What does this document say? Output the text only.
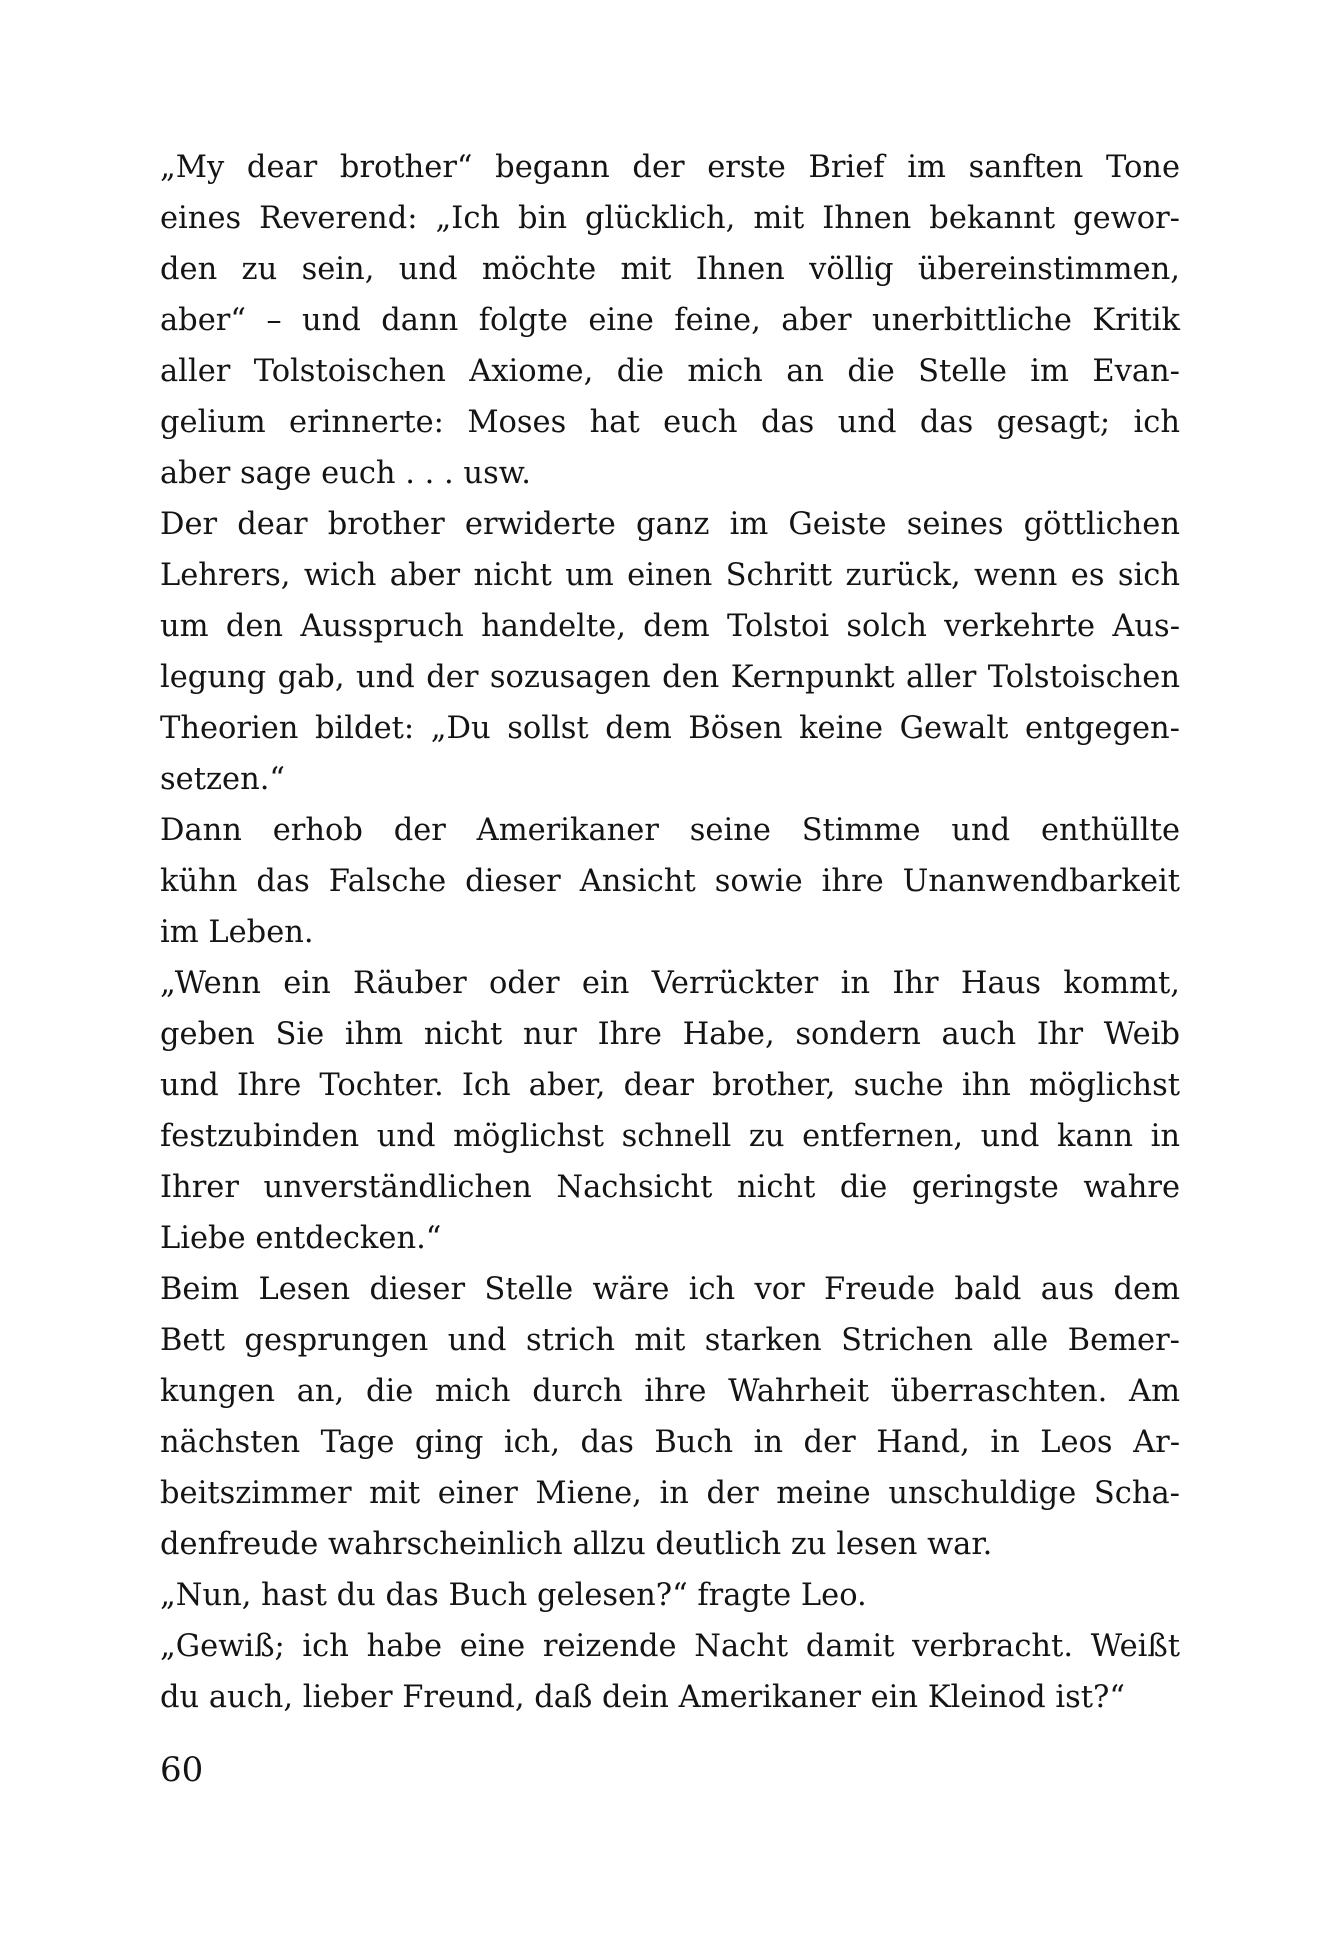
„My dear brother“ begann der erste Brief im sanften Tone
eines Reverend: „Ich bin glücklich, mit Ihnen bekannt gewor-
den zu sein, und möchte mit Ihnen völlig übereinstimmen,
aber“ – und dann folgte eine feine, aber unerbittliche Kritik
aller Tolstoischen Axiome, die mich an die Stelle im Evan-
gelium erinnerte: Moses hat euch das und das gesagt; ich
aber sage euch . . . usw.
Der dear brother erwiderte ganz im Geiste seines göttlichen
Lehrers, wich aber nicht um einen Schritt zurück, wenn es sich
um den Ausspruch handelte, dem Tolstoi solch verkehrte Aus-
legung gab, und der sozusagen den Kernpunkt aller Tolstoischen
Theorien bildet: „Du sollst dem Bösen keine Gewalt entgegen-
setzen.“
Dann erhob der Amerikaner seine Stimme und enthüllte
kühn das Falsche dieser Ansicht sowie ihre Unanwendbarkeit
im Leben.
„Wenn ein Räuber oder ein Verrückter in Ihr Haus kommt,
geben Sie ihm nicht nur Ihre Habe, sondern auch Ihr Weib
und Ihre Tochter. Ich aber, dear brother, suche ihn möglichst
festzubinden und möglichst schnell zu entfernen, und kann in
Ihrer unverständlichen Nachsicht nicht die geringste wahre
Liebe entdecken.“
Beim Lesen dieser Stelle wäre ich vor Freude bald aus dem
Bett gesprungen und strich mit starken Strichen alle Bemer-
kungen an, die mich durch ihre Wahrheit überraschten. Am
nächsten Tage ging ich, das Buch in der Hand, in Leos Ar-
beitszimmer mit einer Miene, in der meine unschuldige Scha-
denfreude wahrscheinlich allzu deutlich zu lesen war.
„Nun, hast du das Buch gelesen?“ fragte Leo.
„Gewiß; ich habe eine reizende Nacht damit verbracht. Weißt
du auch, lieber Freund, daß dein Amerikaner ein Kleinod ist?“
60
